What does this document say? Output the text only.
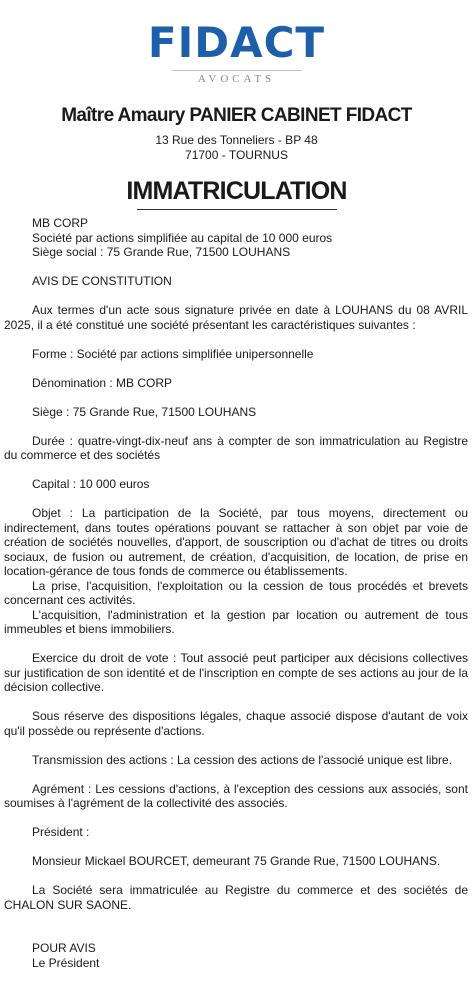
FIDACT
AVOCATS
Maître Amaury PANIER CABINET FIDACT
13 Rue des Tonneliers - BP 48
71700 - TOURNUS
IMMATRICULATION

MB CORP
Société par actions simplifiée au capital de 10 000 euros
Siège social : 75 Grande Rue, 71500 LOUHANS

AVIS DE CONSTITUTION

Aux termes d'un acte sous signature privée en date à LOUHANS du 08 AVRIL 2025, il a été constitué une société présentant les caractéristiques suivantes :

Forme : Société par actions simplifiée unipersonnelle

Dénomination : MB CORP

Siège : 75 Grande Rue, 71500 LOUHANS

Durée : quatre-vingt-dix-neuf ans à compter de son immatriculation au Registre du commerce et des sociétés

Capital : 10 000 euros

Objet : La participation de la Société, par tous moyens, directement ou indirectement, dans toutes opérations pouvant se rattacher à son objet par voie de création de sociétés nouvelles, d'apport, de souscription ou d'achat de titres ou droits sociaux, de fusion ou autrement, de création, d'acquisition, de location, de prise en location-gérance de tous fonds de commerce ou établissements.

La prise, l'acquisition, l'exploitation ou la cession de tous procédés et brevets concernant ces activités.

L'acquisition, l'administration et la gestion par location ou autrement de tous immeubles et biens immobiliers.

Exercice du droit de vote : Tout associé peut participer aux décisions collectives sur justification de son identité et de l'inscription en compte de ses actions au jour de la décision collective.

Sous réserve des dispositions légales, chaque associé dispose d'autant de voix qu'il possède ou représente d'actions.

Transmission des actions : La cession des actions de l'associé unique est libre.

Agrément : Les cessions d'actions, à l'exception des cessions aux associés, sont soumises à l'agrément de la collectivité des associés.

Président :

Monsieur Mickael BOURCET, demeurant 75 Grande Rue, 71500 LOUHANS.

La Société sera immatriculée au Registre du commerce et des sociétés de CHALON SUR SAONE.

POUR AVIS
Le Président
